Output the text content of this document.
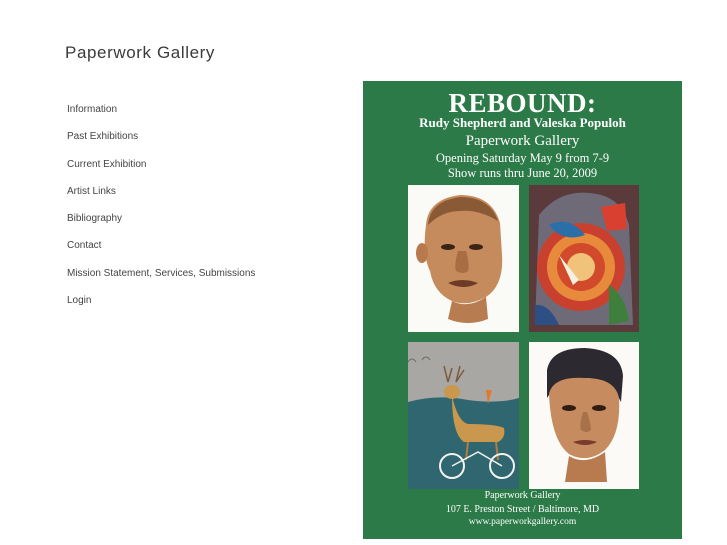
Paperwork Gallery
Information
Past Exhibitions
Current Exhibition
Artist Links
Bibliography
Contact
Mission Statement, Services, Submissions
Login
REBOUND:
Rudy Shepherd and Valeska Populoh
Paperwork Gallery
Opening Saturday May 9 from 7-9
Show runs thru June 20, 2009
Paperwork Gallery
107 E. Preston Street / Baltimore, MD
www.paperworkgallery.com
